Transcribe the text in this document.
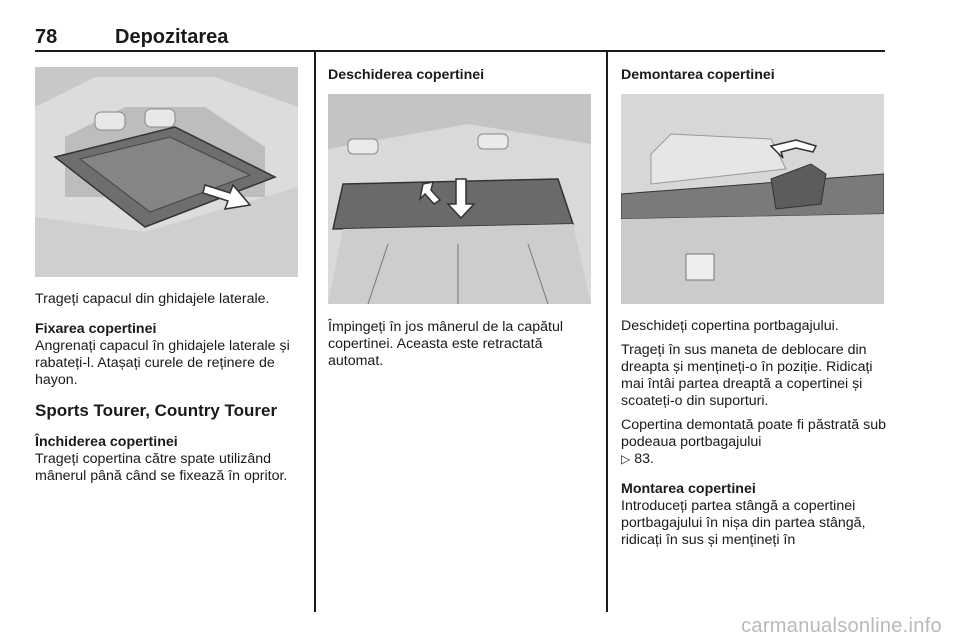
78	Depozitarea

Trageți capacul din ghidajele laterale.

Fixarea copertinei

Angrenați capacul în ghidajele laterale și rabateți-l. Atașați curele de reținere de hayon.

Sports Tourer, Country Tourer

Închiderea copertinei

Trageți copertina către spate utilizând mânerul până când se fixează în opritor.

Deschiderea copertinei

Împingeți în jos mânerul de la capătul copertinei. Aceasta este retractată automat.

Demontarea copertinei

Deschideți copertina portbagajului.

Trageți în sus maneta de deblocare din dreapta și mențineți-o în poziție. Ridicați mai întâi partea dreaptă a copertinei și scoateți-o din suporturi.

Copertina demontată poate fi păstrată sub podeaua portbagajului
▷ 83.

Montarea copertinei

Introduceți partea stângă a copertinei portbagajului în nișa din partea stângă, ridicați în sus și mențineți în

carmanualsonline.info
